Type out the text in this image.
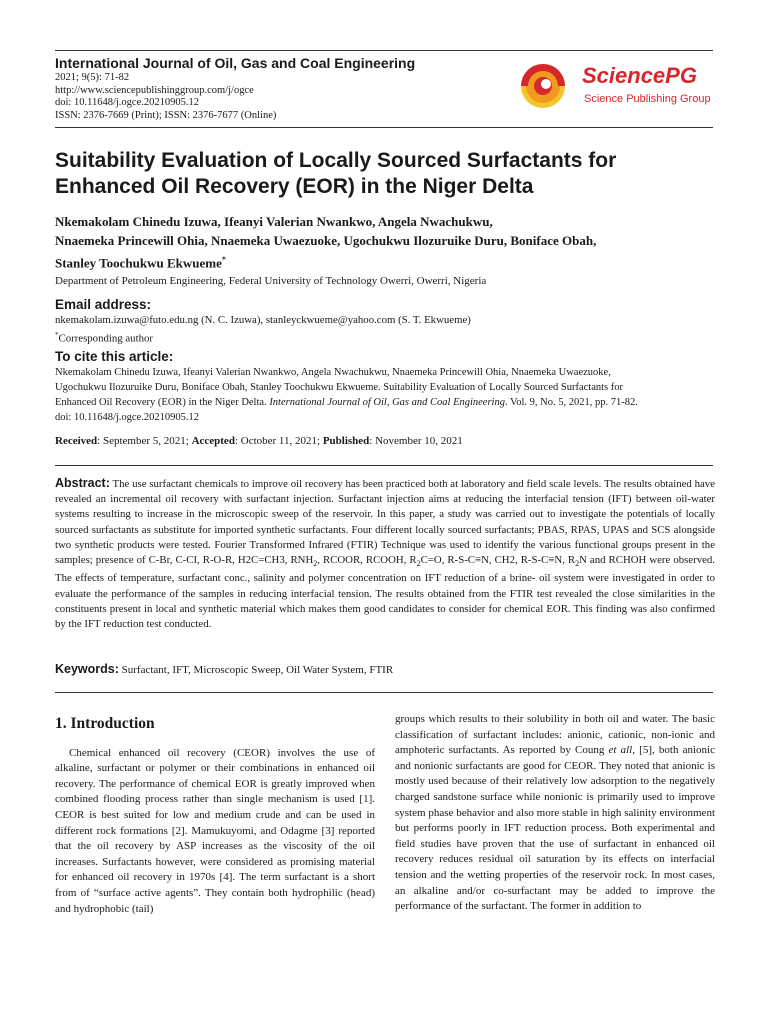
International Journal of Oil, Gas and Coal Engineering
2021; 9(5): 71-82
http://www.sciencepublishinggroup.com/j/ogce
doi: 10.11648/j.ogce.20210905.12
ISSN: 2376-7669 (Print); ISSN: 2376-7677 (Online)
SciencePG
Science Publishing Group
Suitability Evaluation of Locally Sourced Surfactants for
Enhanced Oil Recovery (EOR) in the Niger Delta
Nkemakolam Chinedu Izuwa, Ifeanyi Valerian Nwankwo, Angela Nwachukwu,
Nnaemeka Princewill Ohia, Nnaemeka Uwaezuoke, Ugochukwu Ilozuruike Duru, Boniface Obah,
Stanley Toochukwu Ekwueme*
Department of Petroleum Engineering, Federal University of Technology Owerri, Owerri, Nigeria
Email address:
nkemakolam.izuwa@futo.edu.ng (N. C. Izuwa), stanleyckwueme@yahoo.com (S. T. Ekwueme)
*Corresponding author
To cite this article:
Nkemakolam Chinedu Izuwa, Ifeanyi Valerian Nwankwo, Angela Nwachukwu, Nnaemeka Princewill Ohia, Nnaemeka Uwaezuoke,
Ugochukwu Ilozuruike Duru, Boniface Obah, Stanley Toochukwu Ekwueme. Suitability Evaluation of Locally Sourced Surfactants for
Enhanced Oil Recovery (EOR) in the Niger Delta. International Journal of Oil, Gas and Coal Engineering. Vol. 9, No. 5, 2021, pp. 71-82.
doi: 10.11648/j.ogce.20210905.12
Received: September 5, 2021; Accepted: October 11, 2021; Published: November 10, 2021
Abstract: The use surfactant chemicals to improve oil recovery has been practiced both at laboratory and field scale levels. The results obtained have revealed an incremental oil recovery with surfactant injection. Surfactant injection aims at reducing the interfacial tension (IFT) between oil-water systems resulting to increase in the microscopic sweep of the reservoir. In this paper, a study was carried out to investigate the potentials of locally sourced surfactants as substitute for imported synthetic surfactants. Four different locally sourced surfactants; PBAS, RPAS, UPAS and SCS alongside two synthetic products were tested. Fourier Transformed Infrared (FTIR) Technique was used to identify the various functional groups present in the samples; presence of C-Br, C-CI, R-O-R, H2C=CH3, $RNH_2$, RCOOR, RCOOH, $R_2C=O$, R-S-C≡N, CH2, R-S-C≡N, $R_2N$ and RCHOH were observed. The effects of temperature, surfactant conc., salinity and polymer concentration on IFT reduction of a brine- oil system were investigated in order to evaluate the performance of the samples in reducing interfacial tension. The results obtained from the FTIR test revealed the close similarities in the constituents present in local and synthetic material which makes them good candidates to consider for chemical EOR. This finding was also confirmed by the IFT reduction test conducted.
Keywords: Surfactant, IFT, Microscopic Sweep, Oil Water System, FTIR
1. Introduction

Chemical enhanced oil recovery (CEOR) involves the use of alkaline, surfactant or polymer or their combinations in enhanced oil recovery. The performance of chemical EOR is greatly improved when combined flooding process rather than single mechanism is used [1]. CEOR is best suited for low and medium crude and can be used in different rock formations [2]. Mamukuyomi, and Odagme [3] reported that the oil recovery by ASP increases as the viscosity of the oil increases. Surfactants however, were considered as promising material for enhanced oil recovery in 1970s [4]. The term surfactant is a short from of “surface active agents”. They contain both hydrophilic (head) and hydrophobic (tail)

groups which results to their solubility in both oil and water. The basic classification of surfactant includes: anionic, cationic, non-ionic and amphoteric surfactants. As reported by Coung et all, [5], both anionic and nonionic surfactants are good for CEOR. They noted that anionic is mostly used because of their relatively low adsorption to the negatively charged sandstone surface while nonionic is primarily used to improve system phase behavior and also more stable in high salinity environment but performs poorly in IFT reduction process. Both experimental and field studies have proven that the use of surfactant in enhanced oil recovery reduces residual oil saturation by its effects on interfacial tension and the wetting properties of the reservoir rock. In most cases, an alkaline and/or co-surfactant may be added to improve the performance of the surfactant. The former in addition to
